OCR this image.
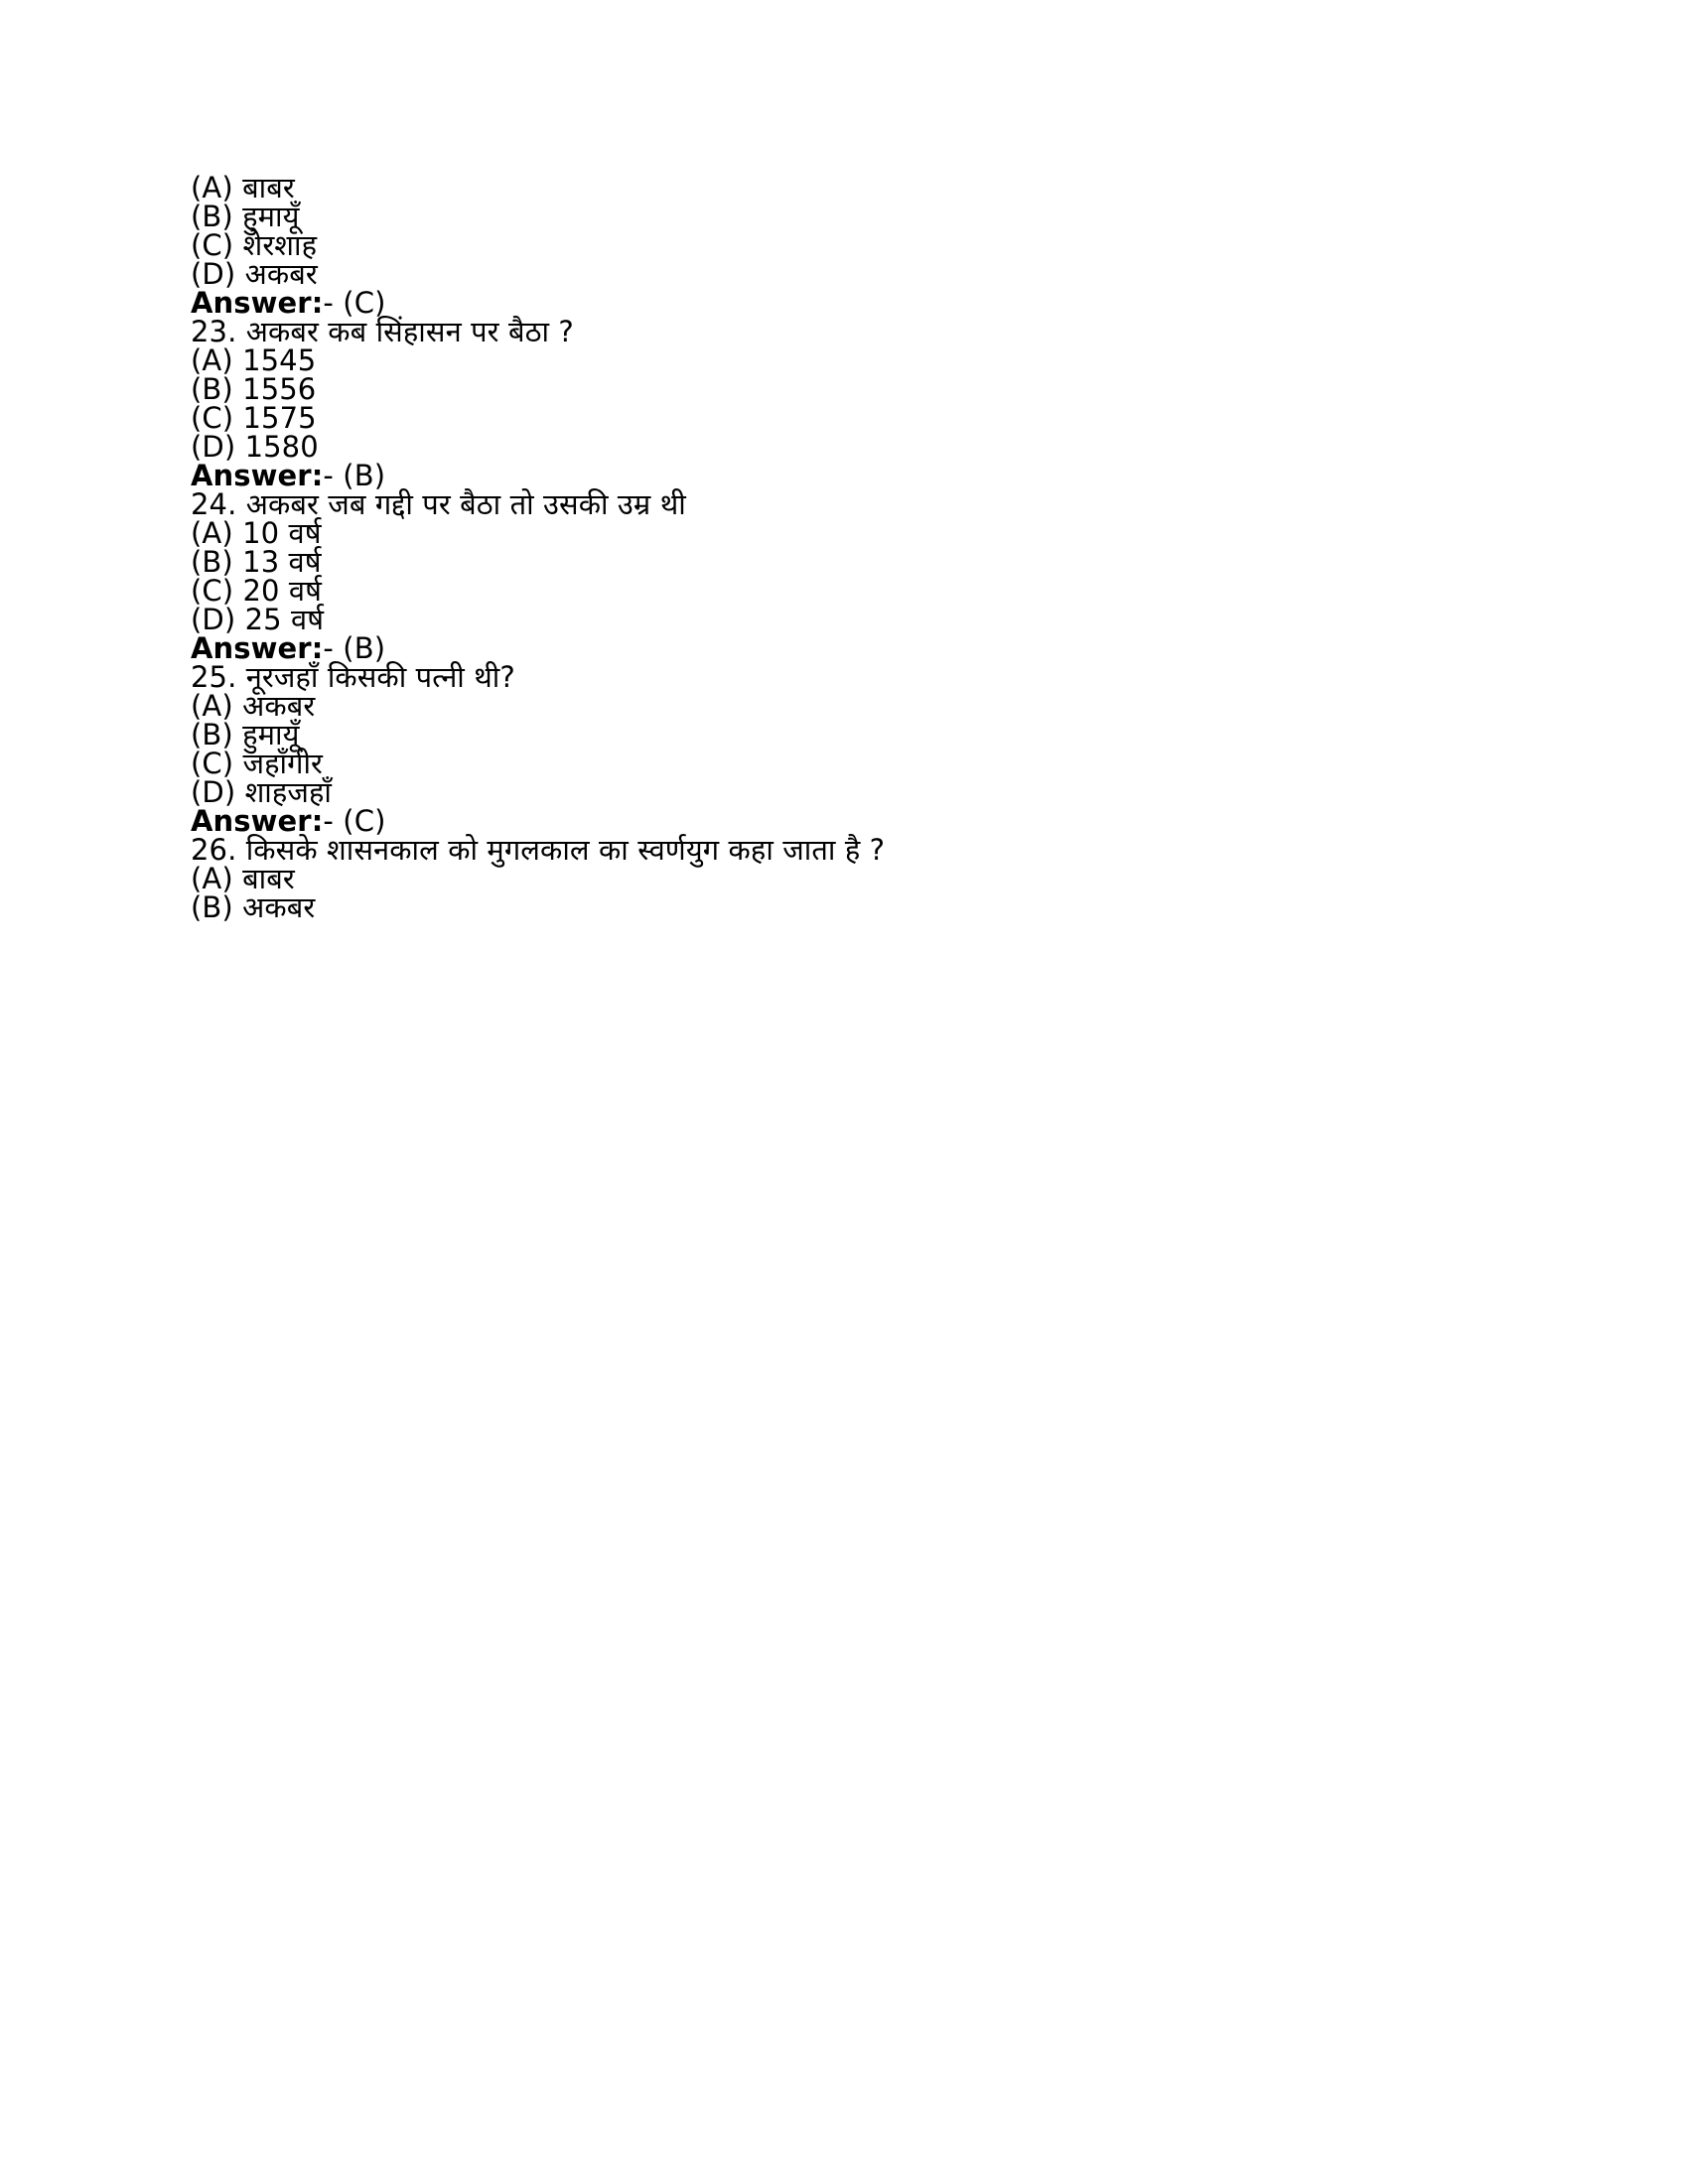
(A) बाबर
(B) हुमायूँ
(C) शेरशाह
(D) अकबर
Answer:- (C)
23. अकबर कब सिंहासन पर बैठा ?
(A) 1545
(B) 1556
(C) 1575
(D) 1580
Answer:- (B)
24. अकबर जब गद्दी पर बैठा तो उसकी उम्र थी
(A) 10 वर्ष
(B) 13 वर्ष
(C) 20 वर्ष
(D) 25 वर्ष
Answer:- (B)
25. नूरजहाँ किसकी पत्नी थी?
(A) अकबर
(B) हुमायूँ
(C) जहाँगीर
(D) शाहजहाँ
Answer:- (C)
26. किसके शासनकाल को मुगलकाल का स्वर्णयुग कहा जाता है ?
(A) बाबर
(B) अकबर
